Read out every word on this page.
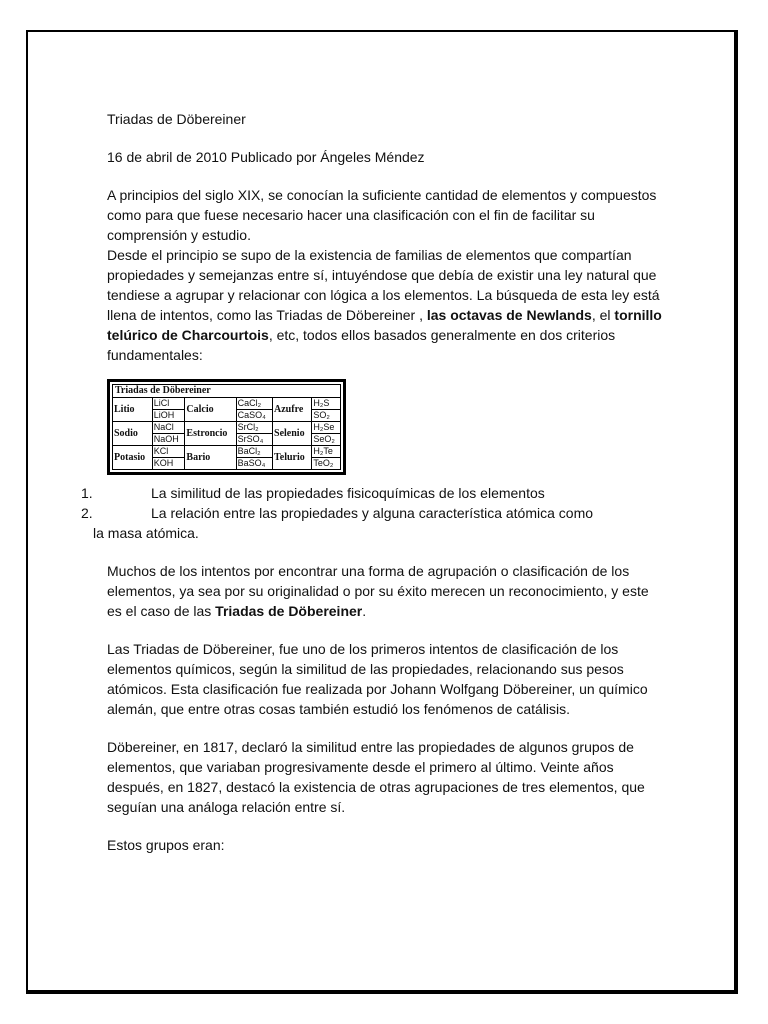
Triadas de Döbereiner

16 de abril de 2010 Publicado por Ángeles Méndez

A principios del siglo XIX, se conocían la suficiente cantidad de elementos y compuestos como para que fuese necesario hacer una clasificación con el fin de facilitar su comprensión y estudio.

Desde el principio se supo de la existencia de familias de elementos que compartían propiedades y semejanzas entre sí, intuyéndose que debía de existir una ley natural que tendiese a agrupar y relacionar con lógica a los elementos. La búsqueda de esta ley está llena de intentos, como las Triadas de Döbereiner , las octavas de Newlands, el tornillo telúrico de Charcourtois, etc, todos ellos basados generalmente en dos criterios fundamentales:

Triadas de Döbereiner					
Litio	LiCl	Calcio	CaCl₂	Azufre	H₂S
	LiOH		CaSO₄		SO₂
Sodio	NaCl	Estroncio	SrCl₂	Selenio	H₂Se
	NaOH		SrSO₄		SeO₂
Potasio	KCl	Bario	BaCl₂	Telurio	H₂Te
	KOH		BaSO₄		TeO₂
1.	La similitud de las propiedades fisicoquímicas de los elementos
2.	La relación entre las propiedades y alguna característica atómica como
la masa atómica.

Muchos de los intentos por encontrar una forma de agrupación o clasificación de los elementos, ya sea por su originalidad o por su éxito merecen un reconocimiento, y este es el caso de las Triadas de Döbereiner.

Las Triadas de Döbereiner, fue uno de los primeros intentos de clasificación de los elementos químicos, según la similitud de las propiedades, relacionando sus pesos atómicos. Esta clasificación fue realizada por Johann Wolfgang Döbereiner, un químico alemán, que entre otras cosas también estudió los fenómenos de catálisis.

Döbereiner, en 1817, declaró la similitud entre las propiedades de algunos grupos de elementos, que variaban progresivamente desde el primero al último. Veinte años después, en 1827, destacó la existencia de otras agrupaciones de tres elementos, que seguían una análoga relación entre sí.

Estos grupos eran:
